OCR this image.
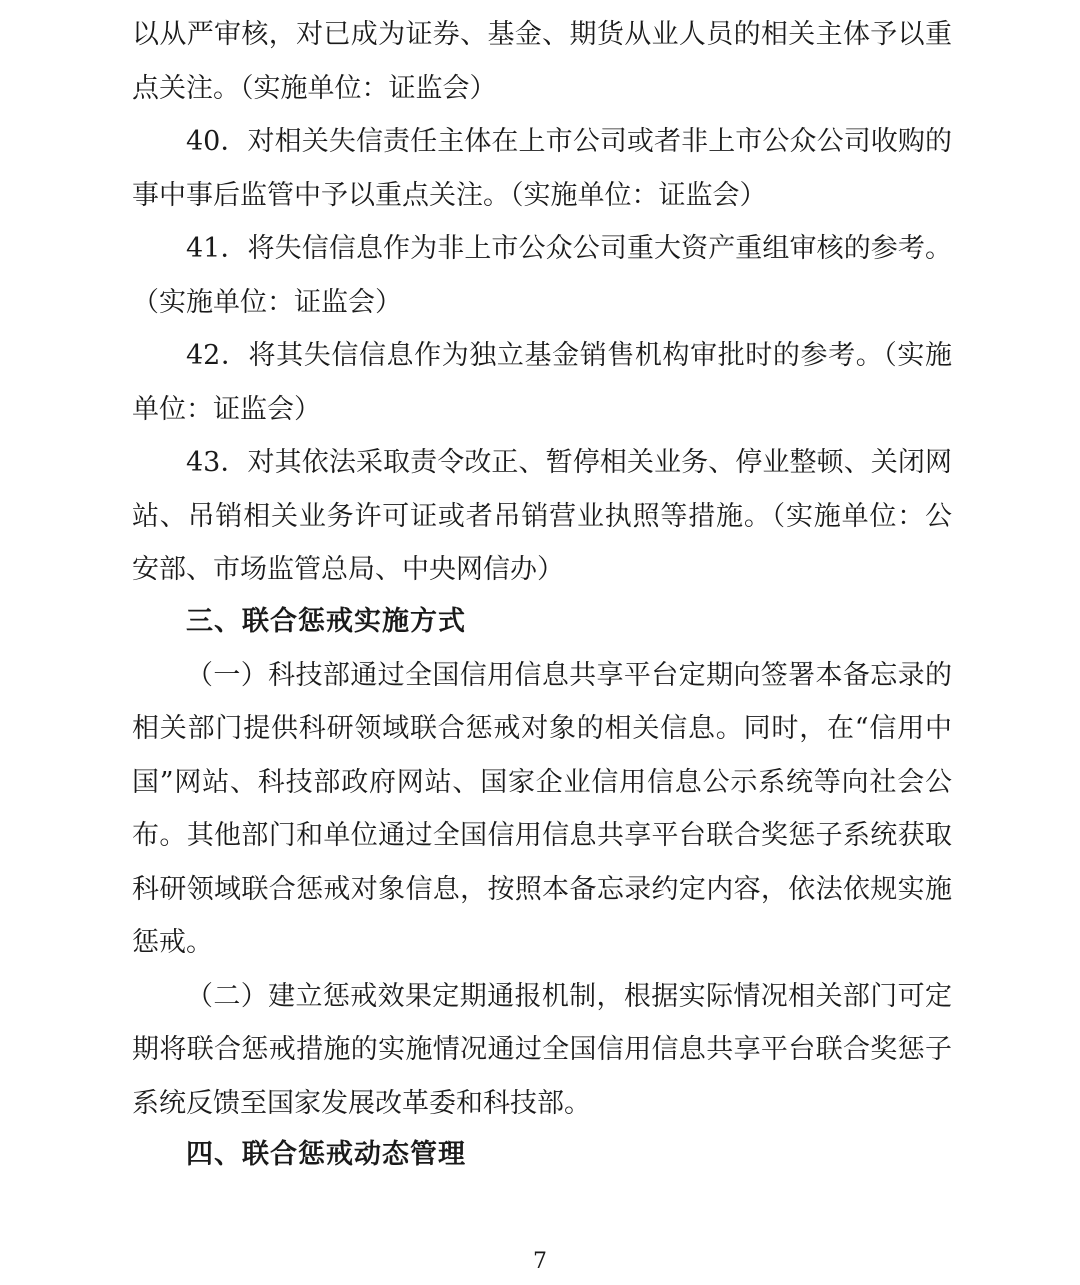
以从严审核，对已成为证券、基金、期货从业人员的相关主体予以重
点关注。（实施单位：证监会）
40．对相关失信责任主体在上市公司或者非上市公众公司收购的
事中事后监管中予以重点关注。（实施单位：证监会）
41．将失信信息作为非上市公众公司重大资产重组审核的参考。
（实施单位：证监会）
42．将其失信信息作为独立基金销售机构审批时的参考。（实施
单位：证监会）
43．对其依法采取责令改正、暂停相关业务、停业整顿、关闭网
站、吊销相关业务许可证或者吊销营业执照等措施。（实施单位：公
安部、市场监管总局、中央网信办）
三、联合惩戒实施方式
（一）科技部通过全国信用信息共享平台定期向签署本备忘录的
相关部门提供科研领域联合惩戒对象的相关信息。同时，在“信用中
国”网站、科技部政府网站、国家企业信用信息公示系统等向社会公
布。其他部门和单位通过全国信用信息共享平台联合奖惩子系统获取
科研领域联合惩戒对象信息，按照本备忘录约定内容，依法依规实施
惩戒。
（二）建立惩戒效果定期通报机制，根据实际情况相关部门可定
期将联合惩戒措施的实施情况通过全国信用信息共享平台联合奖惩子
系统反馈至国家发展改革委和科技部。
四、联合惩戒动态管理
7
